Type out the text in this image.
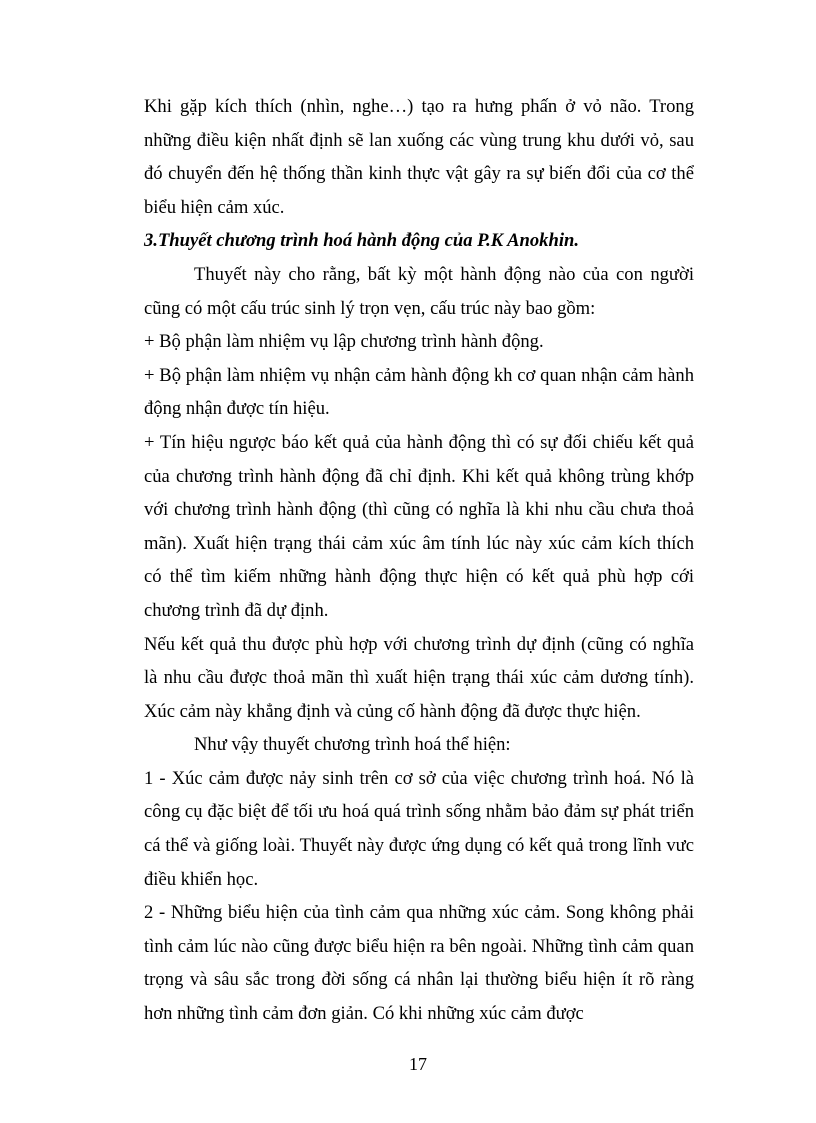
Khi gặp kích thích (nhìn, nghe…) tạo ra hưng phấn ở vỏ não. Trong những điều kiện nhất định sẽ lan xuống các vùng trung khu dưới vỏ, sau đó chuyển đến hệ thống thần kinh thực vật gây ra sự biến đổi của cơ thể biểu hiện cảm xúc.

3.Thuyết chương trình hoá hành động của P.K Anokhin.

Thuyết này cho rằng, bất kỳ một hành động nào của con người cũng có một cấu trúc sinh lý trọn vẹn, cấu trúc này bao gồm:

+ Bộ phận làm nhiệm vụ lập chương trình hành động.

+ Bộ phận làm nhiệm vụ nhận cảm hành động kh cơ quan nhận cảm hành động nhận được tín hiệu.

+ Tín hiệu ngược báo kết quả của hành động thì có sự đối chiếu kết quả của chương trình hành động đã chỉ định. Khi kết quả không trùng khớp với chương trình hành động (thì cũng có nghĩa là khi nhu cầu chưa thoả mãn). Xuất hiện trạng thái cảm xúc âm tính lúc này xúc cảm kích thích có thể tìm kiếm những hành động thực hiện có kết quả phù hợp cới chương trình đã dự định.

Nếu kết quả thu được phù hợp với chương trình dự định (cũng có nghĩa là nhu cầu được thoả mãn thì xuất hiện trạng thái xúc cảm dương tính). Xúc cảm này khẳng định và củng cố hành động đã được thực hiện.

Như vậy thuyết chương trình hoá thể hiện:

1 - Xúc cảm được nảy sinh trên cơ sở của việc chương trình hoá. Nó là công cụ đặc biệt để tối ưu hoá quá trình sống nhằm bảo đảm sự phát triển cá thể và giống loài. Thuyết này được ứng dụng có kết quả trong lĩnh vưc điều khiển học.

2 - Những biểu hiện của tình cảm qua những xúc cảm. Song không phải tình cảm lúc nào cũng được biểu hiện ra bên ngoài. Những tình cảm quan trọng và sâu sắc trong đời sống cá nhân lại thường biểu hiện ít rõ ràng hơn những tình cảm đơn giản. Có khi những xúc cảm được

17
